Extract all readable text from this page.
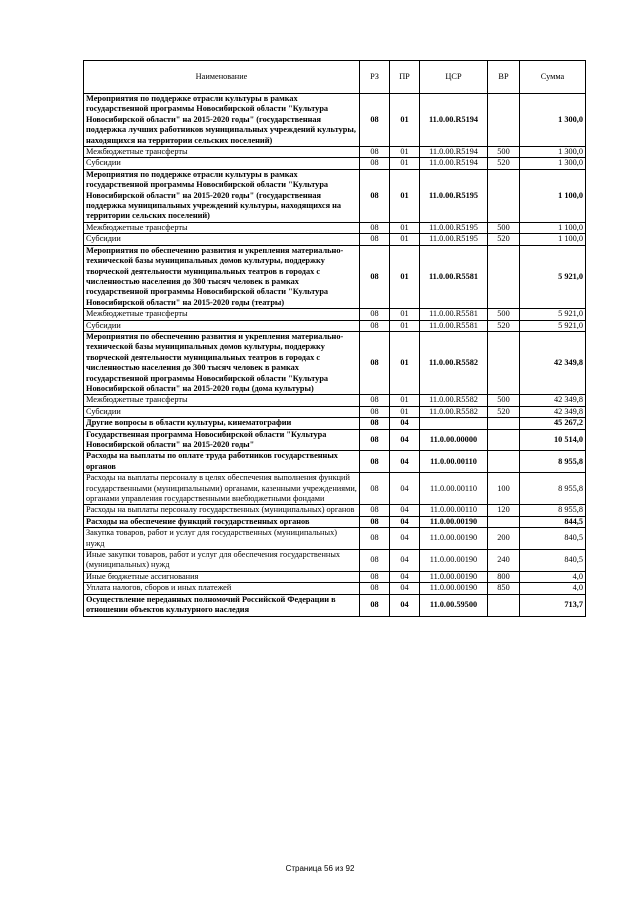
Наименование	РЗ	ПР	ЦСР	ВР	Сумма
Мероприятия по поддержке отрасли культуры в рамках государственной программы Новосибирской области "Культура Новосибирской области" на 2015-2020 годы" (государственная поддержка лучших работников муниципальных учреждений культуры, находящихся на территории сельских поселений)	08	01	11.0.00.R5194		1 300,0
Межбюджетные трансферты	08	01	11.0.00.R5194	500	1 300,0
Субсидии	08	01	11.0.00.R5194	520	1 300,0
Мероприятия по поддержке отрасли культуры в рамках государственной программы Новосибирской области "Культура Новосибирской области" на 2015-2020 годы" (государственная поддержка муниципальных учреждений культуры, находящихся на территории сельских поселений)	08	01	11.0.00.R5195		1 100,0
Межбюджетные трансферты	08	01	11.0.00.R5195	500	1 100,0
Субсидии	08	01	11.0.00.R5195	520	1 100,0
Мероприятия по обеспечению развития и укрепления материально-технической базы муниципальных домов культуры, поддержку творческой деятельности муниципальных театров в городах с численностью населения до 300 тысяч человек в рамках государственной программы Новосибирской области "Культура Новосибирской области" на 2015-2020 годы (театры)	08	01	11.0.00.R5581		5 921,0
Межбюджетные трансферты	08	01	11.0.00.R5581	500	5 921,0
Субсидии	08	01	11.0.00.R5581	520	5 921,0
Мероприятия по обеспечению развития и укрепления материально-технической базы муниципальных домов культуры, поддержку творческой деятельности муниципальных театров в городах с численностью населения до 300 тысяч человек в рамках государственной программы Новосибирской области "Культура Новосибирской области" на 2015-2020 годы (дома культуры)	08	01	11.0.00.R5582		42 349,8
Межбюджетные трансферты	08	01	11.0.00.R5582	500	42 349,8
Субсидии	08	01	11.0.00.R5582	520	42 349,8
Другие вопросы в области культуры, кинематографии	08	04			45 267,2
Государственная программа Новосибирской области "Культура Новосибирской области" на 2015-2020 годы"	08	04	11.0.00.00000		10 514,0
Расходы на выплаты по оплате труда работников государственных органов	08	04	11.0.00.00110		8 955,8
Расходы на выплаты персоналу в целях обеспечения выполнения функций государственными (муниципальными) органами, казенными учреждениями, органами управления государственными внебюджетными фондами	08	04	11.0.00.00110	100	8 955,8
Расходы на выплаты персоналу государственных (муниципальных) органов	08	04	11.0.00.00110	120	8 955,8
Расходы на обеспечение функций государственных органов	08	04	11.0.00.00190		844,5
Закупка товаров, работ и услуг для государственных (муниципальных) нужд	08	04	11.0.00.00190	200	840,5
Иные закупки товаров, работ и услуг для обеспечения государственных (муниципальных) нужд	08	04	11.0.00.00190	240	840,5
Иные бюджетные ассигнования	08	04	11.0.00.00190	800	4,0
Уплата налогов, сборов и иных платежей	08	04	11.0.00.00190	850	4,0
Осуществление переданных полномочий Российской Федерации в отношении объектов культурного наследия	08	04	11.0.00.59500		713,7
Страница 56 из 92
